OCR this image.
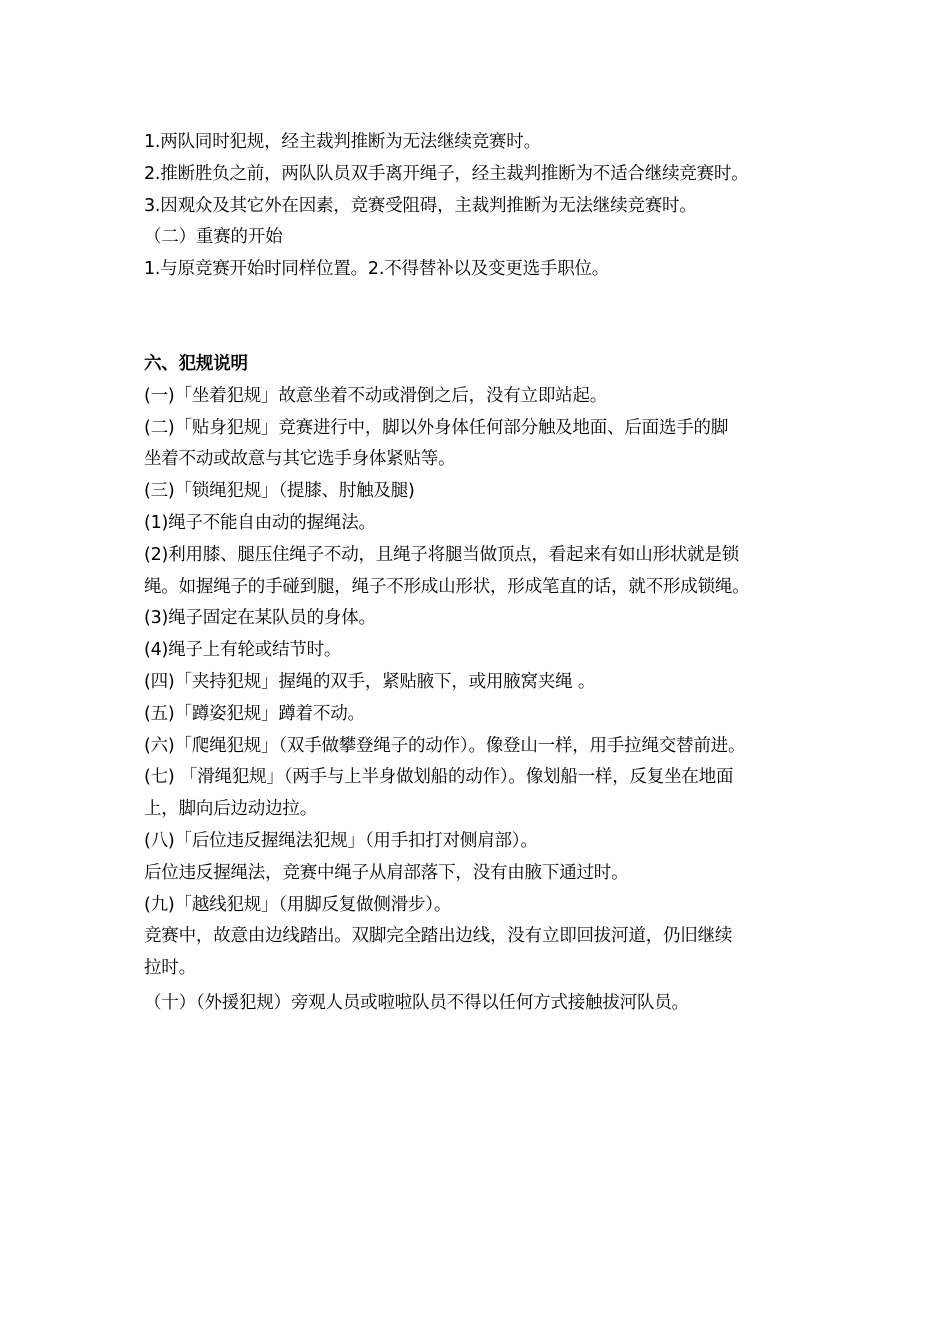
1.两队同时犯规，经主裁判推断为无法继续竞赛时。
2.推断胜负之前，两队队员双手离开绳子，经主裁判推断为不适合继续竞赛时。
3.因观众及其它外在因素，竞赛受阻碍，主裁判推断为无法继续竞赛时。
（二）重赛的开始
1.与原竞赛开始时同样位置。2.不得替补以及变更选手职位。
六、犯规说明
(一)「坐着犯规」故意坐着不动或滑倒之后，没有立即站起。
(二)「贴身犯规」竞赛进行中，脚以外身体任何部分触及地面、后面选手的脚
坐着不动或故意与其它选手身体紧贴等。
(三)「锁绳犯规」（提膝、肘触及腿)
(1)绳子不能自由动的握绳法。
(2)利用膝、腿压住绳子不动，且绳子将腿当做顶点，看起来有如山形状就是锁
绳。如握绳子的手碰到腿，绳子不形成山形状，形成笔直的话，就不形成锁绳。
(3)绳子固定在某队员的身体。
(4)绳子上有轮或结节时。
(四)「夹持犯规」握绳的双手，紧贴腋下，或用腋窝夹绳 。
(五)「蹲姿犯规」蹲着不动。
(六)「爬绳犯规」（双手做攀登绳子的动作）。像登山一样，用手拉绳交替前进。
(七) 「滑绳犯规」（两手与上半身做划船的动作）。像划船一样，反复坐在地面
上，脚向后边动边拉。
(八)「后位违反握绳法犯规」（用手扣打对侧肩部）。
后位违反握绳法，竞赛中绳子从肩部落下，没有由腋下通过时。
(九)「越线犯规」（用脚反复做侧滑步）。
竞赛中，故意由边线踏出。双脚完全踏出边线，没有立即回拔河道，仍旧继续
拉时。
（十）（外援犯规）旁观人员或啦啦队员不得以任何方式接触拔河队员。
